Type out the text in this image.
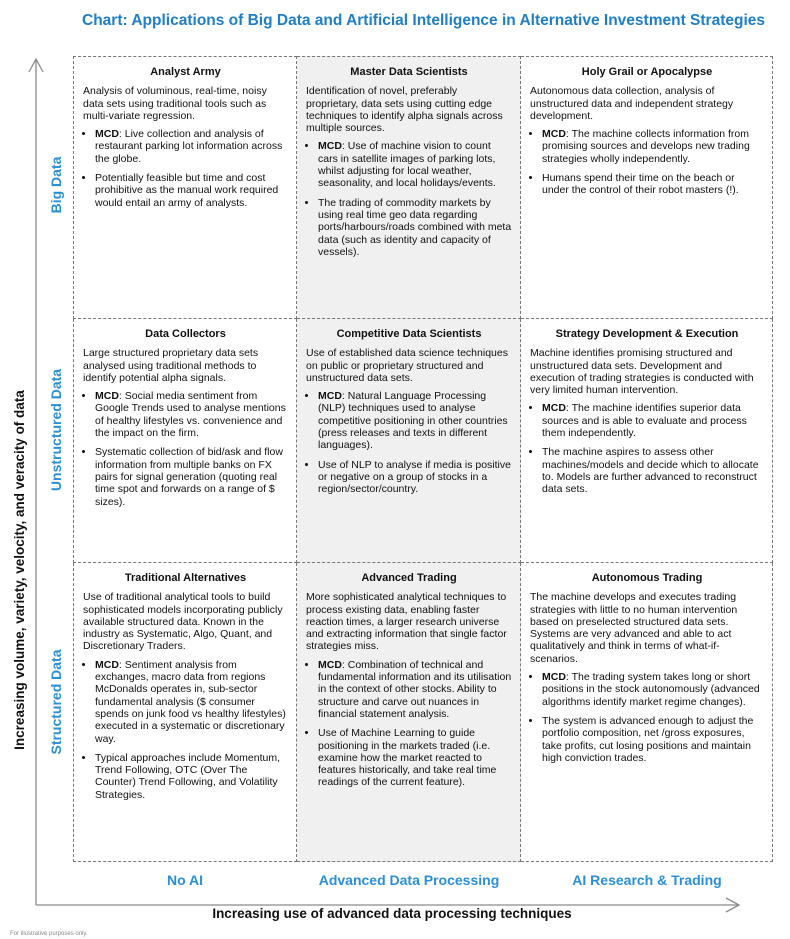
Chart: Applications of Big Data and Artificial Intelligence in Alternative Investment Strategies
Increasing volume, variety, velocity, and veracity of data
Big Data
Unstructured Data
Structured Data
Analyst Army
Analysis of voluminous, real-time, noisy data sets using traditional tools such as multi-variate regression.
• MCD: Live collection and analysis of restaurant parking lot information across the globe.
• Potentially feasible but time and cost prohibitive as the manual work required would entail an army of analysts.
Master Data Scientists
Identification of novel, preferably proprietary, data sets using cutting edge techniques to identify alpha signals across multiple sources.
• MCD: Use of machine vision to count cars in satellite images of parking lots, whilst adjusting for local weather, seasonality, and local holidays/events.
• The trading of commodity markets by using real time geo data regarding ports/harbours/roads combined with meta data (such as identity and capacity of vessels).
Holy Grail or Apocalypse
Autonomous data collection, analysis of unstructured data and independent strategy development.
• MCD: The machine collects information from promising sources and develops new trading strategies wholly independently.
• Humans spend their time on the beach or under the control of their robot masters (!).
Data Collectors
Large structured proprietary data sets analysed using traditional methods to identify potential alpha signals.
• MCD: Social media sentiment from Google Trends used to analyse mentions of healthy lifestyles vs. convenience and the impact on the firm.
• Systematic collection of bid/ask and flow information from multiple banks on FX pairs for signal generation (quoting real time spot and forwards on a range of $ sizes).
Competitive Data Scientists
Use of established data science techniques on public or proprietary structured and unstructured data sets.
• MCD: Natural Language Processing (NLP) techniques used to analyse competitive positioning in other countries (press releases and texts in different languages).
• Use of NLP to analyse if media is positive or negative on a group of stocks in a region/sector/country.
Strategy Development & Execution
Machine identifies promising structured and unstructured data sets. Development and execution of trading strategies is conducted with very limited human intervention.
• MCD: The machine identifies superior data sources and is able to evaluate and process them independently.
• The machine aspires to assess other machines/models and decide which to allocate to. Models are further advanced to reconstruct data sets.
Traditional Alternatives
Use of traditional analytical tools to build sophisticated models incorporating publicly available structured data. Known in the industry as Systematic, Algo, Quant, and Discretionary Traders.
• MCD: Sentiment analysis from exchanges, macro data from regions McDonalds operates in, sub-sector fundamental analysis ($ consumer spends on junk food vs healthy lifestyles) executed in a systematic or discretionary way.
• Typical approaches include Momentum, Trend Following, OTC (Over The Counter) Trend Following, and Volatility Strategies.
Advanced Trading
More sophisticated analytical techniques to process existing data, enabling faster reaction times, a larger research universe and extracting information that single factor strategies miss.
• MCD: Combination of technical and fundamental information and its utilisation in the context of other stocks. Ability to structure and carve out nuances in financial statement analysis.
• Use of Machine Learning to guide positioning in the markets traded (i.e. examine how the market reacted to features historically, and take real time readings of the current feature).
Autonomous Trading
The machine develops and executes trading strategies with little to no human intervention based on preselected structured data sets. Systems are very advanced and able to act qualitatively and think in terms of what-if-scenarios.
• MCD: The trading system takes long or short positions in the stock autonomously (advanced algorithms identify market regime changes).
• The system is advanced enough to adjust the portfolio composition, net /gross exposures, take profits, cut losing positions and maintain high conviction trades.
No AI	Advanced Data Processing	AI Research & Trading
Increasing use of advanced data processing techniques
For illustrative purposes only.
